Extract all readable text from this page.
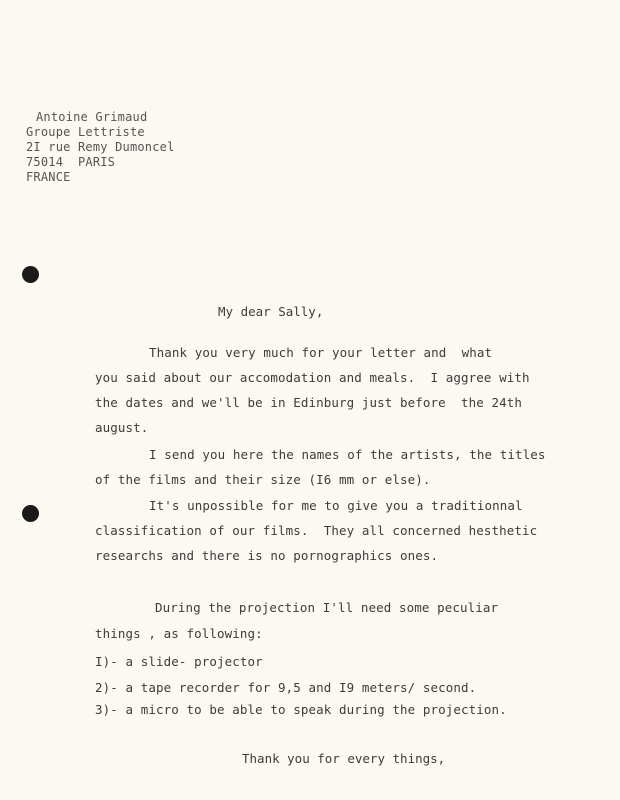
Antoine Grimaud
Groupe Lettriste
2I rue Remy Dumoncel
75014  PARIS
FRANCE
My dear Sally,
Thank you very much for your letter and  what
you said about our accomodation and meals.  I aggree with
the dates and we'll be in Edinburg just before  the 24th
august.
I send you here the names of the artists, the titles
of the films and their size (I6 mm or else).
It's unpossible for me to give you a traditionnal
classification of our films.  They all concerned hesthetic
researchs and there is no pornographics ones.
During the projection I'll need some peculiar
things , as following:
I)- a slide- projector
2)- a tape recorder for 9,5 and I9 meters/ second.
3)- a micro to be able to speak during the projection.
Thank you for every things,
